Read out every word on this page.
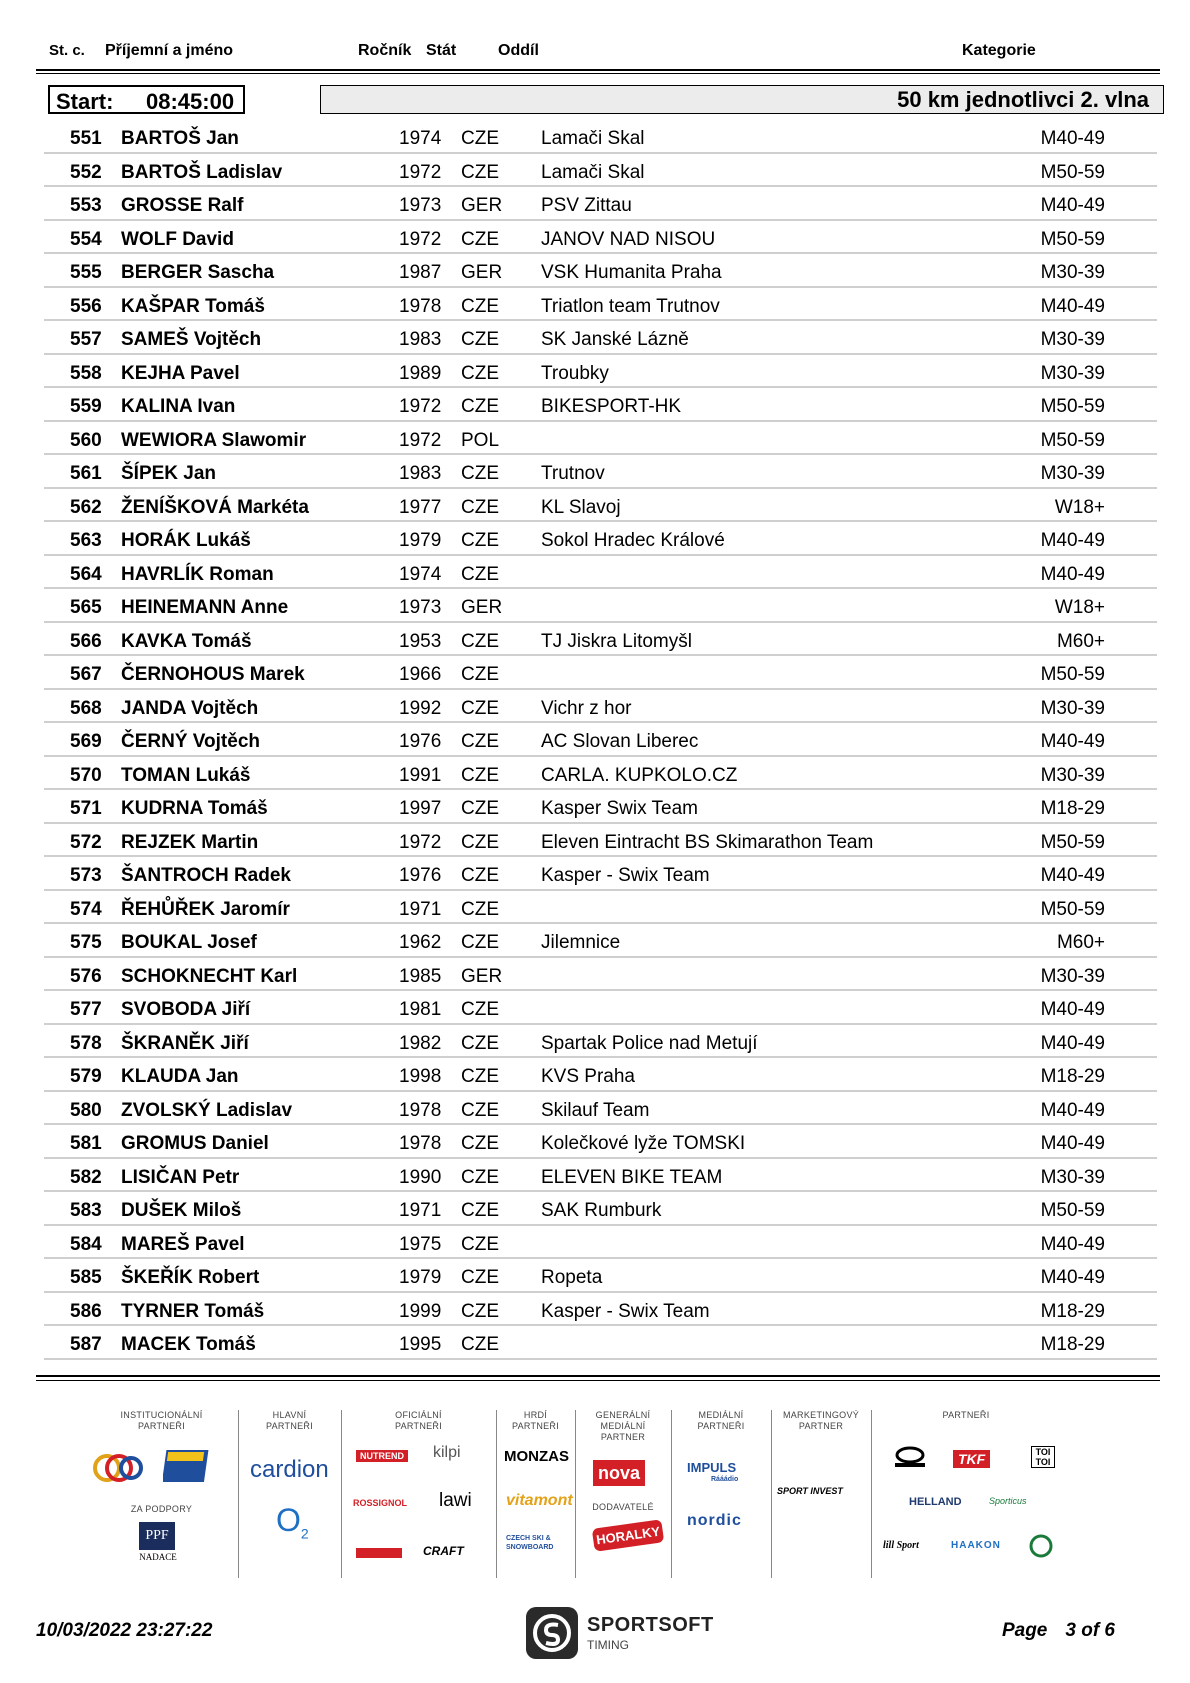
St. c. Příjemní a jméno	Ročník Stát	Oddíl	Kategorie
Start: 08:45:00	50 km jednotlivci 2. vlna
551 BARTOŠ Jan	1974 CZE Lamači Skal	M40-49
552 BARTOŠ Ladislav	1972 CZE Lamači Skal	M50-59
553 GROSSE Ralf	1973 GER PSV Zittau	M40-49
554 WOLF David	1972 CZE JANOV NAD NISOU	M50-59
555 BERGER Sascha	1987 GER VSK Humanita Praha	M30-39
556 KAŠPAR Tomáš	1978 CZE Triatlon team Trutnov	M40-49
557 SAMEŠ Vojtěch	1983 CZE SK Janské Lázně	M30-39
558 KEJHA Pavel	1989 CZE Troubky	M30-39
559 KALINA Ivan	1972 CZE BIKESPORT-HK	M50-59
560 WEWIORA Slawomir	1972 POL	M50-59
561 ŠÍPEK Jan	1983 CZE Trutnov	M30-39
562 ŽENÍŠKOVÁ Markéta	1977 CZE KL Slavoj	W18+
563 HORÁK Lukáš	1979 CZE Sokol Hradec Králové	M40-49
564 HAVRLÍK Roman	1974 CZE	M40-49
565 HEINEMANN Anne	1973 GER	W18+
566 KAVKA Tomáš	1953 CZE TJ Jiskra Litomyšl	M60+
567 ČERNOHOUS Marek	1966 CZE	M50-59
568 JANDA Vojtěch	1992 CZE Vichr z hor	M30-39
569 ČERNÝ Vojtěch	1976 CZE AC Slovan Liberec	M40-49
570 TOMAN Lukáš	1991 CZE CARLA. KUPKOLO.CZ	M30-39
571 KUDRNA Tomáš	1997 CZE Kasper Swix Team	M18-29
572 REJZEK Martin	1972 CZE Eleven Eintracht BS Skimarathon Team	M50-59
573 ŠANTROCH Radek	1976 CZE Kasper - Swix Team	M40-49
574 ŘEHŮŘEK Jaromír	1971 CZE	M50-59
575 BOUKAL Josef	1962 CZE Jilemnice	M60+
576 SCHOKNECHT Karl	1985 GER	M30-39
577 SVOBODA Jiří	1981 CZE	M40-49
578 ŠKRANĚK Jiří	1982 CZE Spartak Police nad Metují	M40-49
579 KLAUDA Jan	1998 CZE KVS Praha	M18-29
580 ZVOLSKÝ Ladislav	1978 CZE Skilauf Team	M40-49
581 GROMUS Daniel	1978 CZE Kolečkové lyže TOMSKI	M40-49
582 LISIČAN Petr	1990 CZE ELEVEN BIKE TEAM	M30-39
583 DUŠEK Miloš	1971 CZE SAK Rumburk	M50-59
584 MAREŠ Pavel	1975 CZE	M40-49
585 ŠKEŘÍK Robert	1979 CZE Ropeta	M40-49
586 TYRNER Tomáš	1999 CZE Kasper - Swix Team	M18-29
587 MACEK Tomáš	1995 CZE	M18-29
INSTITUCIONÁLNÍ PARTNEŘI
ZA PODPORY
PPF
NADACE
HLAVNÍ PARTNEŘI
cardion
$O_2$
OFICIÁLNÍ PARTNEŘI
NUTREND kilpi
ROSSIGNOL lawi
CRAFT
HRDÍ PARTNEŘI
MONZAS
vitamont
CZECH SKI & SNOWBOARD
GENERÁLNÍ MEDIÁLNÍ PARTNER
nova
DODAVATELÉ
HORALKY
MEDIÁLNÍ PARTNEŘI
IMPULS
Rááádio
nordic
MARKETINGOVÝ PARTNER
SPORT INVEST
PARTNEŘI
TKF	TOI TOI
HELLAND	Sporticus
lill Sport	HAAKON
10/03/2022 23:27:22	SPORTSOFT
TIMING
Page 3 of 6
